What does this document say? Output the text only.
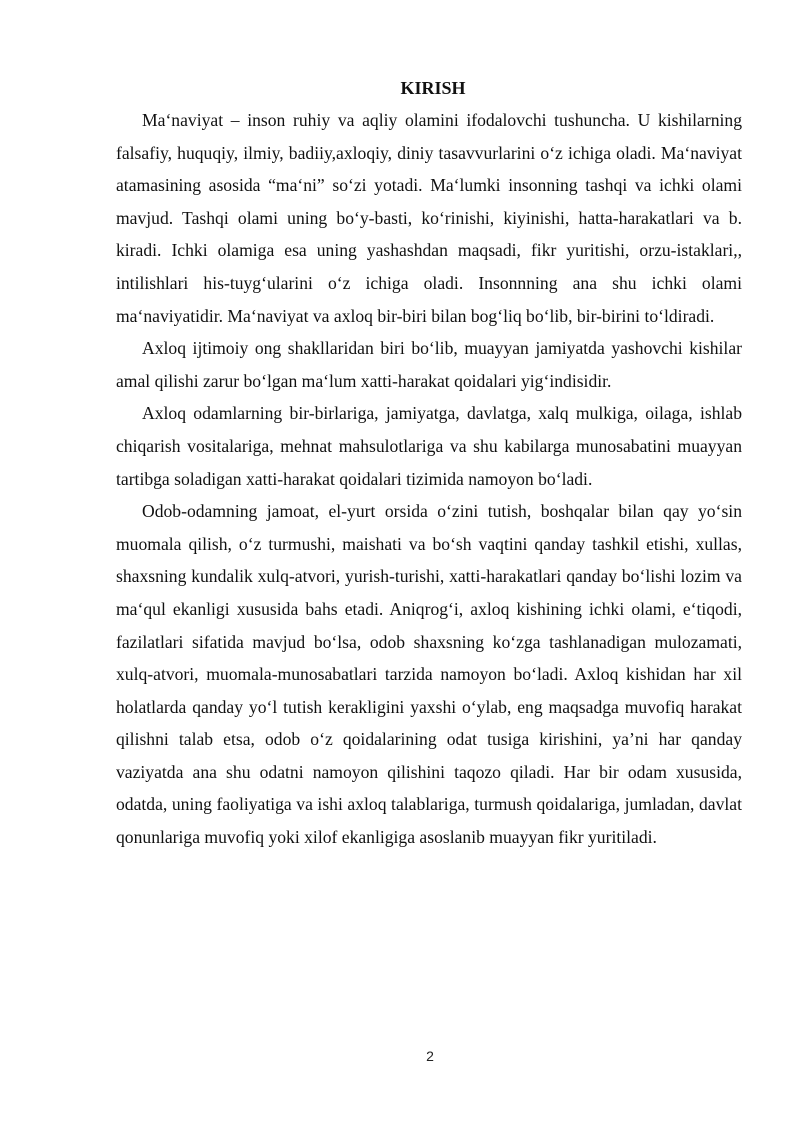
KIRISH

Ma‘naviyat – inson ruhiy va aqliy olamini ifodalovchi tushuncha. U kishilarning falsafiy, huquqiy, ilmiy, badiiy,axloqiy, diniy tasavvurlarini o‘z ichiga oladi. Ma‘naviyat atamasining asosida “ma‘ni” so‘zi yotadi. Ma‘lumki insonning tashqi va ichki olami mavjud. Tashqi olami uning bo‘y-basti, ko‘rinishi, kiyinishi, hatta-harakatlari va b. kiradi. Ichki olamiga esa uning yashashdan maqsadi, fikr yuritishi, orzu-istaklari,, intilishlari his-tuyg‘ularini o‘z ichiga oladi. Insonnning ana shu ichki olami ma‘naviyatidir. Ma‘naviyat va axloq bir-biri bilan bog‘liq bo‘lib, bir-birini to‘ldiradi.

Axloq ijtimoiy ong shakllaridan biri bo‘lib, muayyan jamiyatda yashovchi kishilar amal qilishi zarur bo‘lgan ma‘lum xatti-harakat qoidalari yig‘indisidir.

Axloq odamlarning bir-birlariga, jamiyatga, davlatga, xalq mulkiga, oilaga, ishlab chiqarish vositalariga, mehnat mahsulotlariga va shu kabilarga munosabatini muayyan tartibga soladigan xatti-harakat qoidalari tizimida namoyon bo‘ladi.

Odob-odamning jamoat, el-yurt orsida o‘zini tutish, boshqalar bilan qay yo‘sin muomala qilish, o‘z turmushi, maishati va bo‘sh vaqtini qanday tashkil etishi, xullas, shaxsning kundalik xulq-atvori, yurish-turishi, xatti-harakatlari qanday bo‘lishi lozim va ma‘qul ekanligi xususida bahs etadi. Aniqrog‘i, axloq kishining ichki olami, e‘tiqodi, fazilatlari sifatida mavjud bo‘lsa, odob shaxsning ko‘zga tashlanadigan mulozamati, xulq-atvori, muomala-munosabatlari tarzida namoyon bo‘ladi. Axloq kishidan har xil holatlarda qanday yo‘l tutish kerakligini yaxshi o‘ylab, eng maqsadga muvofiq harakat qilishni talab etsa, odob o‘z qoidalarining odat tusiga kirishini, ya’ni har qanday vaziyatda ana shu odatni namoyon qilishini taqozo qiladi. Har bir odam xususida, odatda, uning faoliyatiga va ishi axloq talablariga, turmush qoidalariga, jumladan, davlat qonunlariga muvofiq yoki xilof ekanligiga asoslanib muayyan fikr yuritiladi.

2
